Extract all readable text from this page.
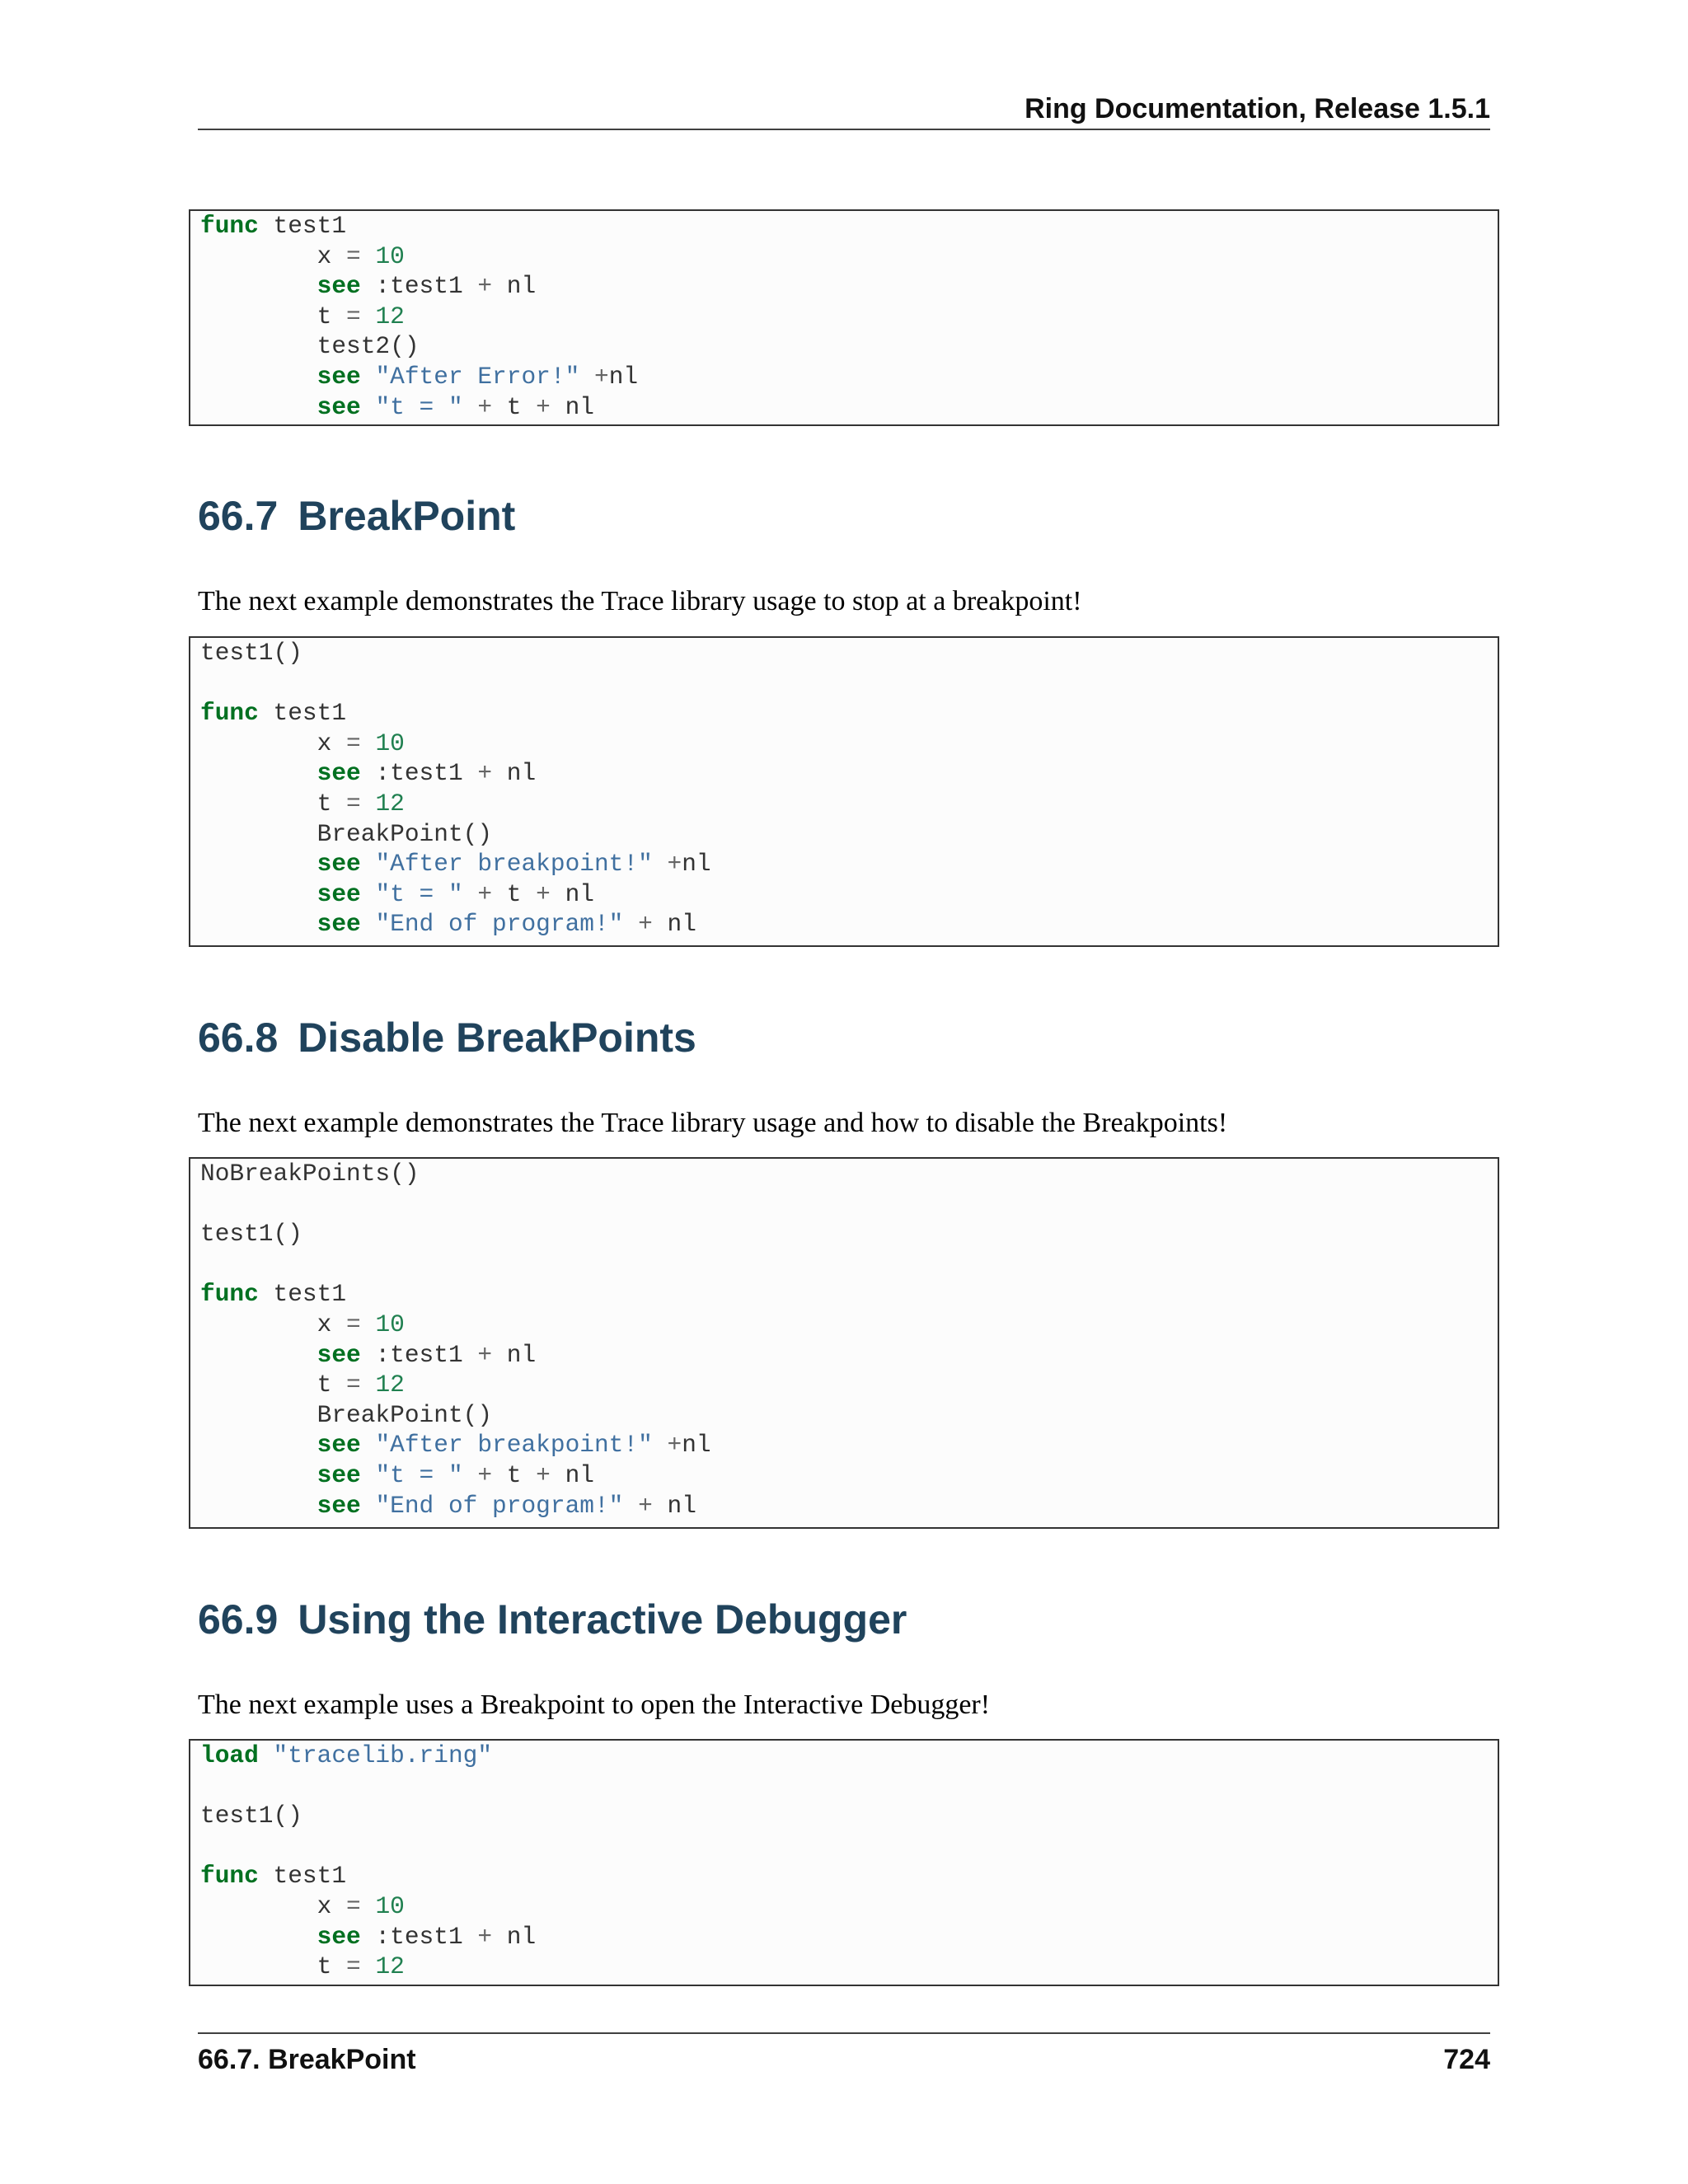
Ring Documentation, Release 1.5.1
func test1
x = 10
see :test1 + nl
t = 12
test2()
see "After Error!" +nl
see "t = " + t + nl
66.7 BreakPoint
The next example demonstrates the Trace library usage to stop at a breakpoint!
test1()
func test1
x = 10
see :test1 + nl
t = 12
BreakPoint()
see "After breakpoint!" +nl
see "t = " + t + nl
see "End of program!" + nl
66.8 Disable BreakPoints
The next example demonstrates the Trace library usage and how to disable the Breakpoints!
NoBreakPoints()
test1()
func test1
x = 10
see :test1 + nl
t = 12
BreakPoint()
see "After breakpoint!" +nl
see "t = " + t + nl
see "End of program!" + nl
66.9 Using the Interactive Debugger
The next example uses a Breakpoint to open the Interactive Debugger!
load "tracelib.ring"
test1()
func test1
x = 10
see :test1 + nl
t = 12
66.7. BreakPoint	724
